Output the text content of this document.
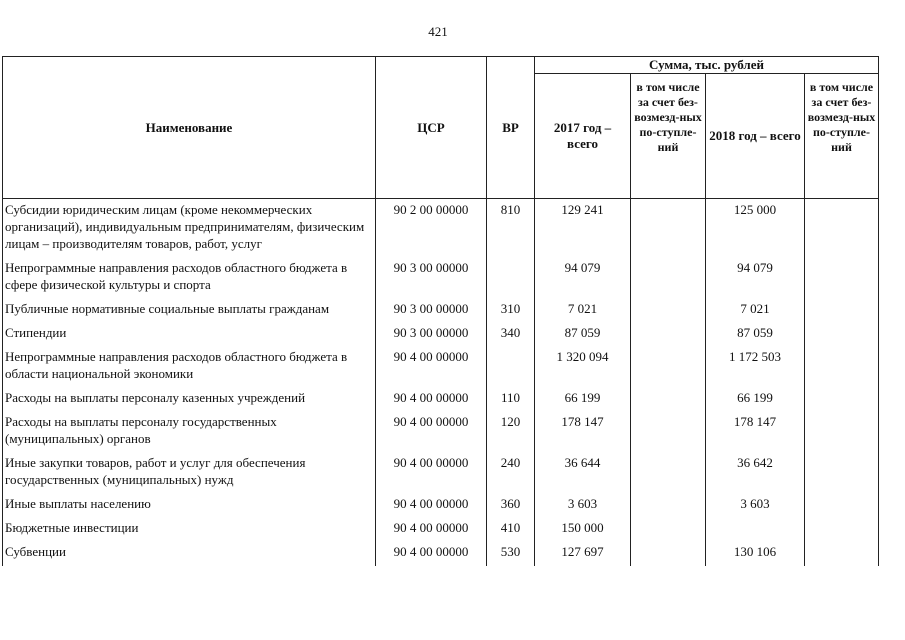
421
Наименование	ЦСР	ВР	Сумма, тыс. рублей			
			2017 год – всего	в том числе за счет без-возмезд-ных по-ступле-ний	2018 год – всего	в том числе за счет без-возмезд-ных по-ступле-ний
Субсидии юридическим лицам (кроме некоммерческих организаций), индивидуальным предпринимателям, физическим лицам – производителям товаров, работ, услуг	90 2 00 00000	810	129 241		125 000	
Непрограммные направления расходов областного бюджета в сфере физической культуры и спорта	90 3 00 00000		94 079		94 079	
Публичные нормативные социальные выплаты гражданам	90 3 00 00000	310	7 021		7 021	
Стипендии	90 3 00 00000	340	87 059		87 059	
Непрограммные направления расходов областного бюджета в области национальной экономики	90 4 00 00000		1 320 094		1 172 503	
Расходы на выплаты персоналу казенных учреждений	90 4 00 00000	110	66 199		66 199	
Расходы на выплаты персоналу государственных (муниципальных) органов	90 4 00 00000	120	178 147		178 147	
Иные закупки товаров, работ и услуг для обеспечения государственных (муниципальных) нужд	90 4 00 00000	240	36 644		36 642	
Иные выплаты населению	90 4 00 00000	360	3 603		3 603	
Бюджетные инвестиции	90 4 00 00000	410	150 000			
Субвенции	90 4 00 00000	530	127 697		130 106	
